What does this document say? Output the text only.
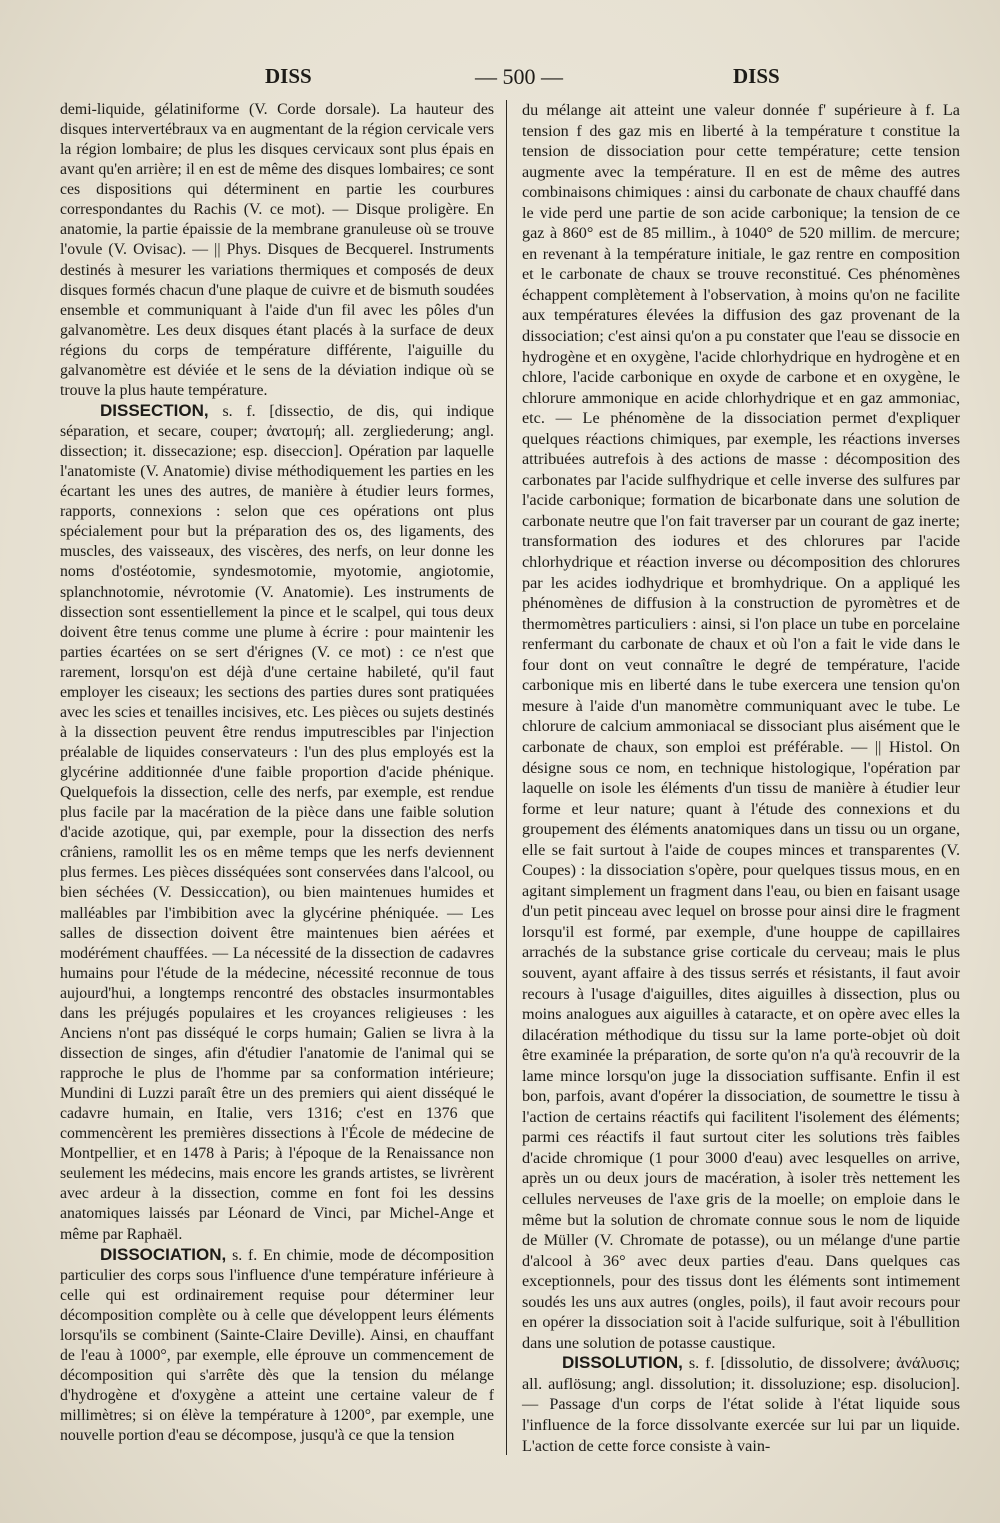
DISS	— 500 —	DISS

demi-liquide, gélatiniforme (V. Corde dorsale). La hauteur des disques intervertébraux va en augmentant de la région cervicale vers la région lombaire; de plus les disques cervicaux sont plus épais en avant qu'en arrière; il en est de même des disques lombaires; ce sont ces dispositions qui déterminent en partie les courbures correspondantes du Rachis (V. ce mot). — Disque proligère. En anatomie, la partie épaissie de la membrane granuleuse où se trouve l'ovule (V. Ovisac). — || Phys. Disques de Becquerel. Instruments destinés à mesurer les variations thermiques et composés de deux disques formés chacun d'une plaque de cuivre et de bismuth soudées ensemble et communiquant à l'aide d'un fil avec les pôles d'un galvanomètre. Les deux disques étant placés à la surface de deux régions du corps de température différente, l'aiguille du galvanomètre est déviée et le sens de la déviation indique où se trouve la plus haute température.

DISSECTION, s. f. [dissectio, de dis, qui indique séparation, et secare, couper; ἀνατομή; all. zergliederung; angl. dissection; it. dissecazione; esp. diseccion]. Opération par laquelle l'anatomiste (V. Anatomie) divise méthodiquement les parties en les écartant les unes des autres, de manière à étudier leurs formes, rapports, connexions : selon que ces opérations ont plus spécialement pour but la préparation des os, des ligaments, des muscles, des vaisseaux, des viscères, des nerfs, on leur donne les noms d'ostéotomie, syndesmotomie, myotomie, angiotomie, splanchnotomie, névrotomie (V. Anatomie). Les instruments de dissection sont essentiellement la pince et le scalpel, qui tous deux doivent être tenus comme une plume à écrire : pour maintenir les parties écartées on se sert d'érignes (V. ce mot) : ce n'est que rarement, lorsqu'on est déjà d'une certaine habileté, qu'il faut employer les ciseaux; les sections des parties dures sont pratiquées avec les scies et tenailles incisives, etc. Les pièces ou sujets destinés à la dissection peuvent être rendus imputrescibles par l'injection préalable de liquides conservateurs : l'un des plus employés est la glycérine additionnée d'une faible proportion d'acide phénique. Quelquefois la dissection, celle des nerfs, par exemple, est rendue plus facile par la macération de la pièce dans une faible solution d'acide azotique, qui, par exemple, pour la dissection des nerfs crâniens, ramollit les os en même temps que les nerfs deviennent plus fermes. Les pièces disséquées sont conservées dans l'alcool, ou bien séchées (V. Dessiccation), ou bien maintenues humides et malléables par l'imbibition avec la glycérine phéniquée. — Les salles de dissection doivent être maintenues bien aérées et modérément chauffées. — La nécessité de la dissection de cadavres humains pour l'étude de la médecine, nécessité reconnue de tous aujourd'hui, a longtemps rencontré des obstacles insurmontables dans les préjugés populaires et les croyances religieuses : les Anciens n'ont pas disséqué le corps humain; Galien se livra à la dissection de singes, afin d'étudier l'anatomie de l'animal qui se rapproche le plus de l'homme par sa conformation intérieure; Mundini di Luzzi paraît être un des premiers qui aient disséqué le cadavre humain, en Italie, vers 1316; c'est en 1376 que commencèrent les premières dissections à l'École de médecine de Montpellier, et en 1478 à Paris; à l'époque de la Renaissance non seulement les médecins, mais encore les grands artistes, se livrèrent avec ardeur à la dissection, comme en font foi les dessins anatomiques laissés par Léonard de Vinci, par Michel-Ange et même par Raphaël.

DISSOCIATION, s. f. En chimie, mode de décomposition particulier des corps sous l'influence d'une température inférieure à celle qui est ordinairement requise pour déterminer leur décomposition complète ou à celle que développent leurs éléments lorsqu'ils se combinent (Sainte-Claire Deville). Ainsi, en chauffant de l'eau à 1000°, par exemple, elle éprouve un commencement de décomposition qui s'arrête dès que la tension du mélange d'hydrogène et d'oxygène a atteint une certaine valeur de f millimètres; si on élève la température à 1200°, par exemple, une nouvelle portion d'eau se décompose, jusqu'à ce que la tension

du mélange ait atteint une valeur donnée f' supérieure à f. La tension f des gaz mis en liberté à la température t constitue la tension de dissociation pour cette température; cette tension augmente avec la température. Il en est de même des autres combinaisons chimiques : ainsi du carbonate de chaux chauffé dans le vide perd une partie de son acide carbonique; la tension de ce gaz à 860° est de 85 millim., à 1040° de 520 millim. de mercure; en revenant à la température initiale, le gaz rentre en composition et le carbonate de chaux se trouve reconstitué. Ces phénomènes échappent complètement à l'observation, à moins qu'on ne facilite aux températures élevées la diffusion des gaz provenant de la dissociation; c'est ainsi qu'on a pu constater que l'eau se dissocie en hydrogène et en oxygène, l'acide chlorhydrique en hydrogène et en chlore, l'acide carbonique en oxyde de carbone et en oxygène, le chlorure ammonique en acide chlorhydrique et en gaz ammoniac, etc. — Le phénomène de la dissociation permet d'expliquer quelques réactions chimiques, par exemple, les réactions inverses attribuées autrefois à des actions de masse : décomposition des carbonates par l'acide sulfhydrique et celle inverse des sulfures par l'acide carbonique; formation de bicarbonate dans une solution de carbonate neutre que l'on fait traverser par un courant de gaz inerte; transformation des iodures et des chlorures par l'acide chlorhydrique et réaction inverse ou décomposition des chlorures par les acides iodhydrique et bromhydrique. On a appliqué les phénomènes de diffusion à la construction de pyromètres et de thermomètres particuliers : ainsi, si l'on place un tube en porcelaine renfermant du carbonate de chaux et où l'on a fait le vide dans le four dont on veut connaître le degré de température, l'acide carbonique mis en liberté dans le tube exercera une tension qu'on mesure à l'aide d'un manomètre communiquant avec le tube. Le chlorure de calcium ammoniacal se dissociant plus aisément que le carbonate de chaux, son emploi est préférable. — || Histol. On désigne sous ce nom, en technique histologique, l'opération par laquelle on isole les éléments d'un tissu de manière à étudier leur forme et leur nature; quant à l'étude des connexions et du groupement des éléments anatomiques dans un tissu ou un organe, elle se fait surtout à l'aide de coupes minces et transparentes (V. Coupes) : la dissociation s'opère, pour quelques tissus mous, en en agitant simplement un fragment dans l'eau, ou bien en faisant usage d'un petit pinceau avec lequel on brosse pour ainsi dire le fragment lorsqu'il est formé, par exemple, d'une houppe de capillaires arrachés de la substance grise corticale du cerveau; mais le plus souvent, ayant affaire à des tissus serrés et résistants, il faut avoir recours à l'usage d'aiguilles, dites aiguilles à dissection, plus ou moins analogues aux aiguilles à cataracte, et on opère avec elles la dilacération méthodique du tissu sur la lame porte-objet où doit être examinée la préparation, de sorte qu'on n'a qu'à recouvrir de la lame mince lorsqu'on juge la dissociation suffisante. Enfin il est bon, parfois, avant d'opérer la dissociation, de soumettre le tissu à l'action de certains réactifs qui facilitent l'isolement des éléments; parmi ces réactifs il faut surtout citer les solutions très faibles d'acide chromique (1 pour 3000 d'eau) avec lesquelles on arrive, après un ou deux jours de macération, à isoler très nettement les cellules nerveuses de l'axe gris de la moelle; on emploie dans le même but la solution de chromate connue sous le nom de liquide de Müller (V. Chromate de potasse), ou un mélange d'une partie d'alcool à 36° avec deux parties d'eau. Dans quelques cas exceptionnels, pour des tissus dont les éléments sont intimement soudés les uns aux autres (ongles, poils), il faut avoir recours pour en opérer la dissociation soit à l'acide sulfurique, soit à l'ébullition dans une solution de potasse caustique.

DISSOLUTION, s. f. [dissolutio, de dissolvere; ἀνάλυσις; all. auflösung; angl. dissolution; it. dissoluzione; esp. disolucion]. — Passage d'un corps de l'état solide à l'état liquide sous l'influence de la force dissolvante exercée sur lui par un liquide. L'action de cette force consiste à vain-
